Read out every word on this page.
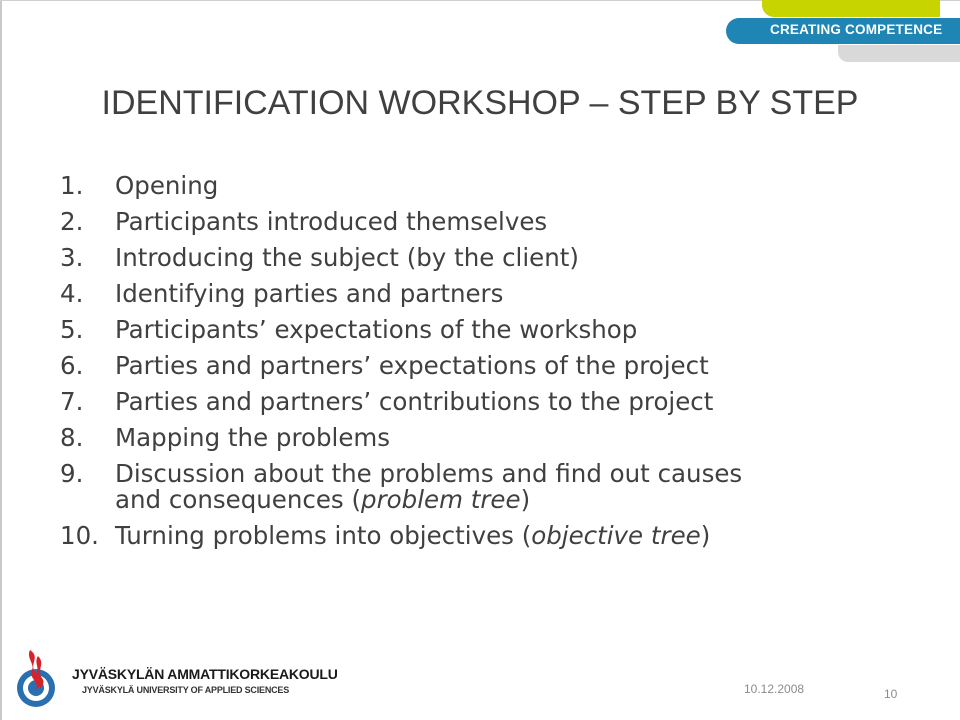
CREATING COMPETENCE
IDENTIFICATION WORKSHOP – STEP BY STEP
1. Opening
2. Participants introduced themselves
3. Introducing the subject (by the client)
4. Identifying parties and partners
5. Participants’ expectations of the workshop
6. Parties and partners’ expectations of the project
7. Parties and partners’ contributions to the project
8. Mapping the problems
9. Discussion about the problems and find out causes
and consequences (problem tree)
10. Turning problems into objectives (objective tree)
JYVÄSKYLÄN AMMATTIKORKEAKOULU
JYVÄSKYLÄ UNIVERSITY OF APPLIED SCIENCES	10.12.2008	10
